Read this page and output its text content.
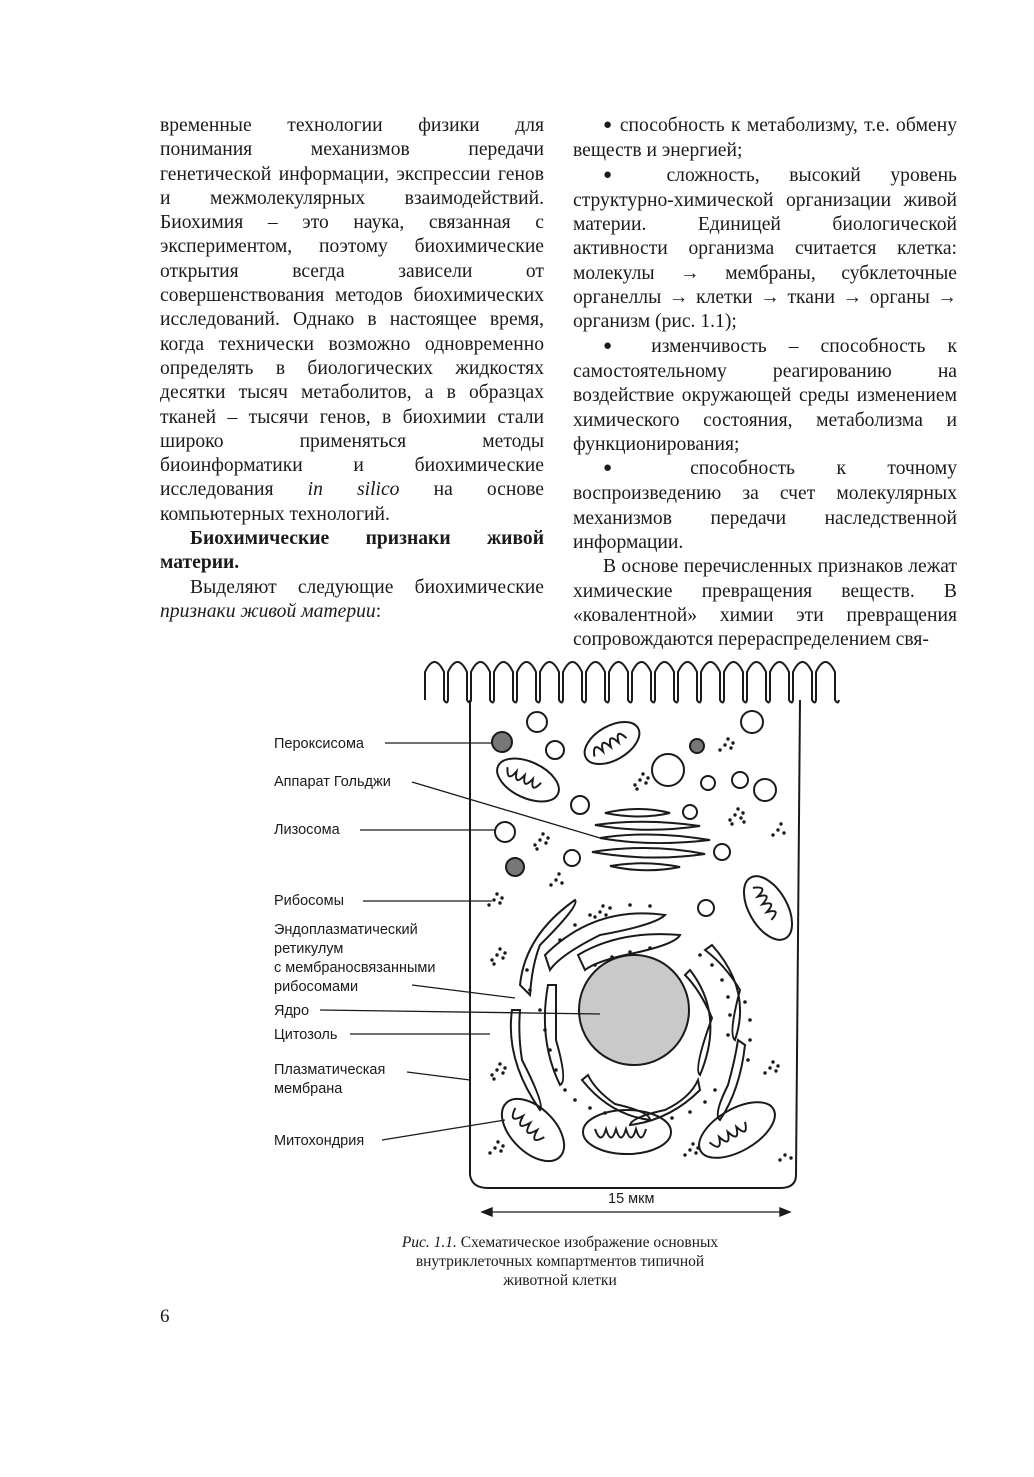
временные технологии физики для понимания механизмов передачи генетической информации, экспрессии генов и межмолекулярных взаимодействий. Биохимия – это наука, связанная с экспериментом, поэтому биохимические открытия всегда зависели от совершенствования методов биохимических исследований. Однако в настоящее время, когда технически возможно одновременно определять в биологических жидкостях десятки тысяч метаболитов, а в образцах тканей – тысячи генов, в биохимии стали широко применяться методы биоинформатики и биохимические исследования in silico на основе компьютерных технологий.

Биохимические признаки живой материи.

Выделяют следующие биохимические признаки живой материи:

● способность к метаболизму, т.е. обмену веществ и энергией;

● сложность, высокий уровень структурно-химической организации живой материи. Единицей биологической активности организма считается клетка: молекулы → мембраны, субклеточные органеллы → клетки → ткани → органы → организм (рис. 1.1);

● изменчивость – способность к самостоятельному реагированию на воздействие окружающей среды изменением химического состояния, метаболизма и функционирования;

● способность к точному воспроизведению за счет молекулярных механизмов передачи наследственной информации.

В основе перечисленных признаков лежат химические превращения веществ. В «ковалентной» химии эти превращения сопровождаются перераспределением свя-

Пероксисома
Аппарат Гольджи
Лизосома
Рибосомы
Эндоплазматический
ретикулум
с мембраносвязанными
рибосомами
Ядро
Цитозоль
Плазматическая
мембрана
Митохондрия
15 мкм
Рис. 1.1. Схематическое изображение основных
внутриклеточных компартментов типичной
животной клетки
6
